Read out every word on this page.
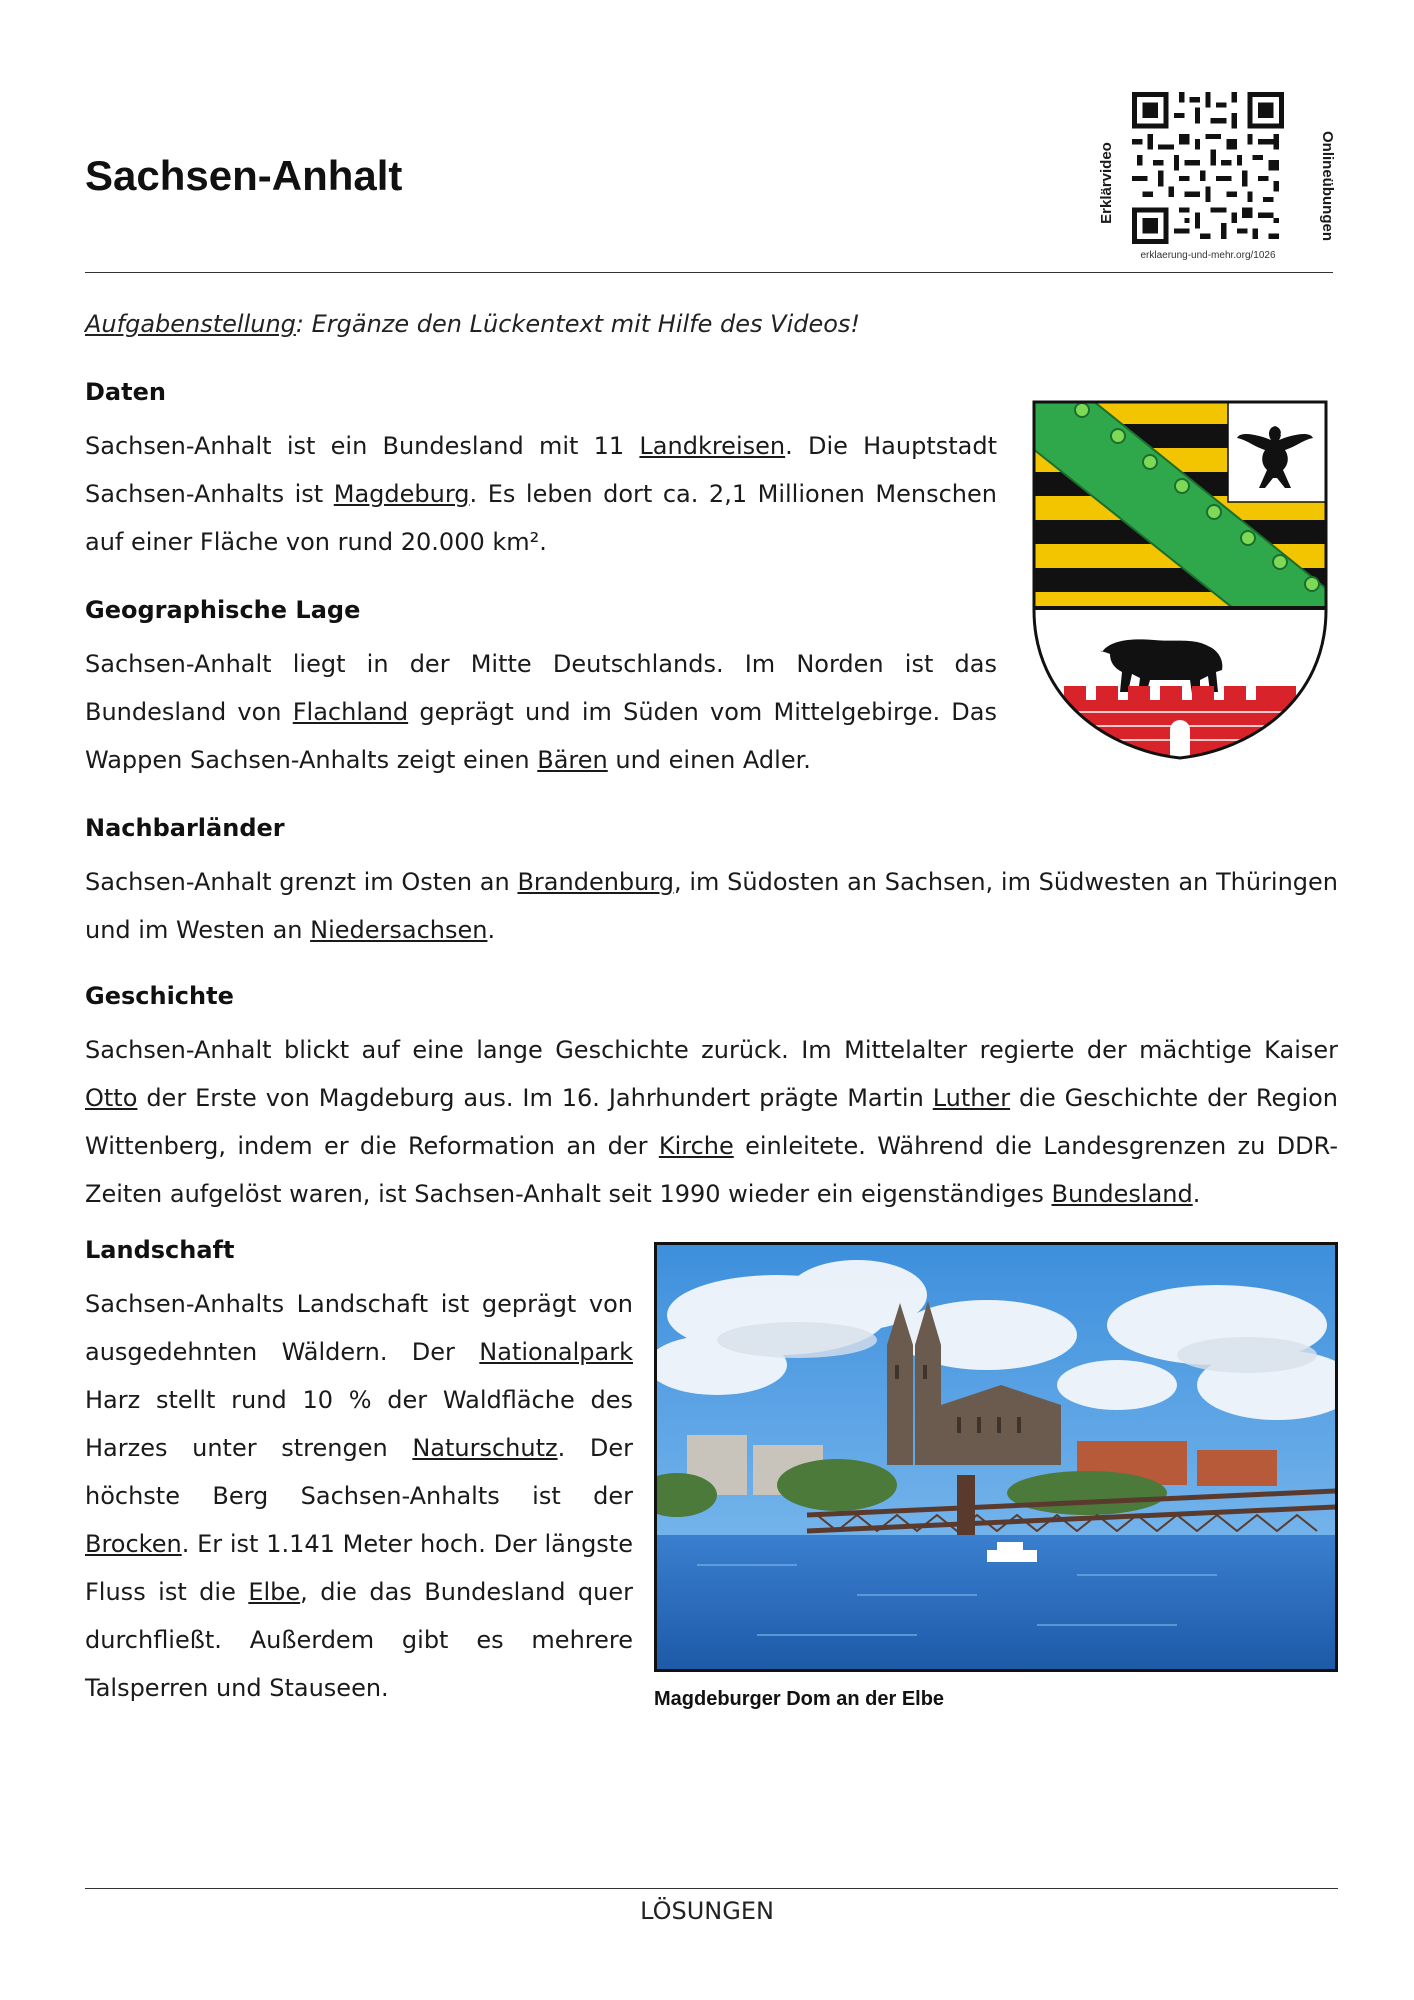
Sachsen-Anhalt	Erklärvideo	Onlineübungen
erklaerung-und-mehr.org/1026
Aufgabenstellung: Ergänze den Lückentext mit Hilfe des Videos!
Daten

Sachsen-Anhalt ist ein Bundesland mit 11 Landkreisen. Die Hauptstadt Sachsen-Anhalts ist Magdeburg. Es leben dort ca. 2,1 Millionen Menschen auf einer Fläche von rund 20.000 km².

Geographische Lage

Sachsen-Anhalt liegt in der Mitte Deutschlands. Im Norden ist das Bundesland von Flachland geprägt und im Süden vom Mittelgebirge. Das Wappen Sachsen-Anhalts zeigt einen Bären und einen Adler.

Nachbarländer

Sachsen-Anhalt grenzt im Osten an Brandenburg, im Südosten an Sachsen, im Südwesten an Thüringen und im Westen an Niedersachsen.

Geschichte

Sachsen-Anhalt blickt auf eine lange Geschichte zurück. Im Mittelalter regierte der mächtige Kaiser Otto der Erste von Magdeburg aus. Im 16. Jahrhundert prägte Martin Luther die Geschichte der Region Wittenberg, indem er die Reformation an der Kirche einleitete. Während die Landesgrenzen zu DDR-Zeiten aufgelöst waren, ist Sachsen-Anhalt seit 1990 wieder ein eigenständiges Bundesland.

Landschaft

Sachsen-Anhalts Landschaft ist geprägt von ausgedehnten Wäldern. Der Nationalpark Harz stellt rund 10 % der Waldfläche des Harzes unter strengen Naturschutz. Der höchste Berg Sachsen-Anhalts ist der Brocken. Er ist 1.141 Meter hoch. Der längste Fluss ist die Elbe, die das Bundesland quer durchfließt. Außerdem gibt es mehrere Talsperren und Stauseen.	Magdeburger Dom an der Elbe
LÖSUNGEN
